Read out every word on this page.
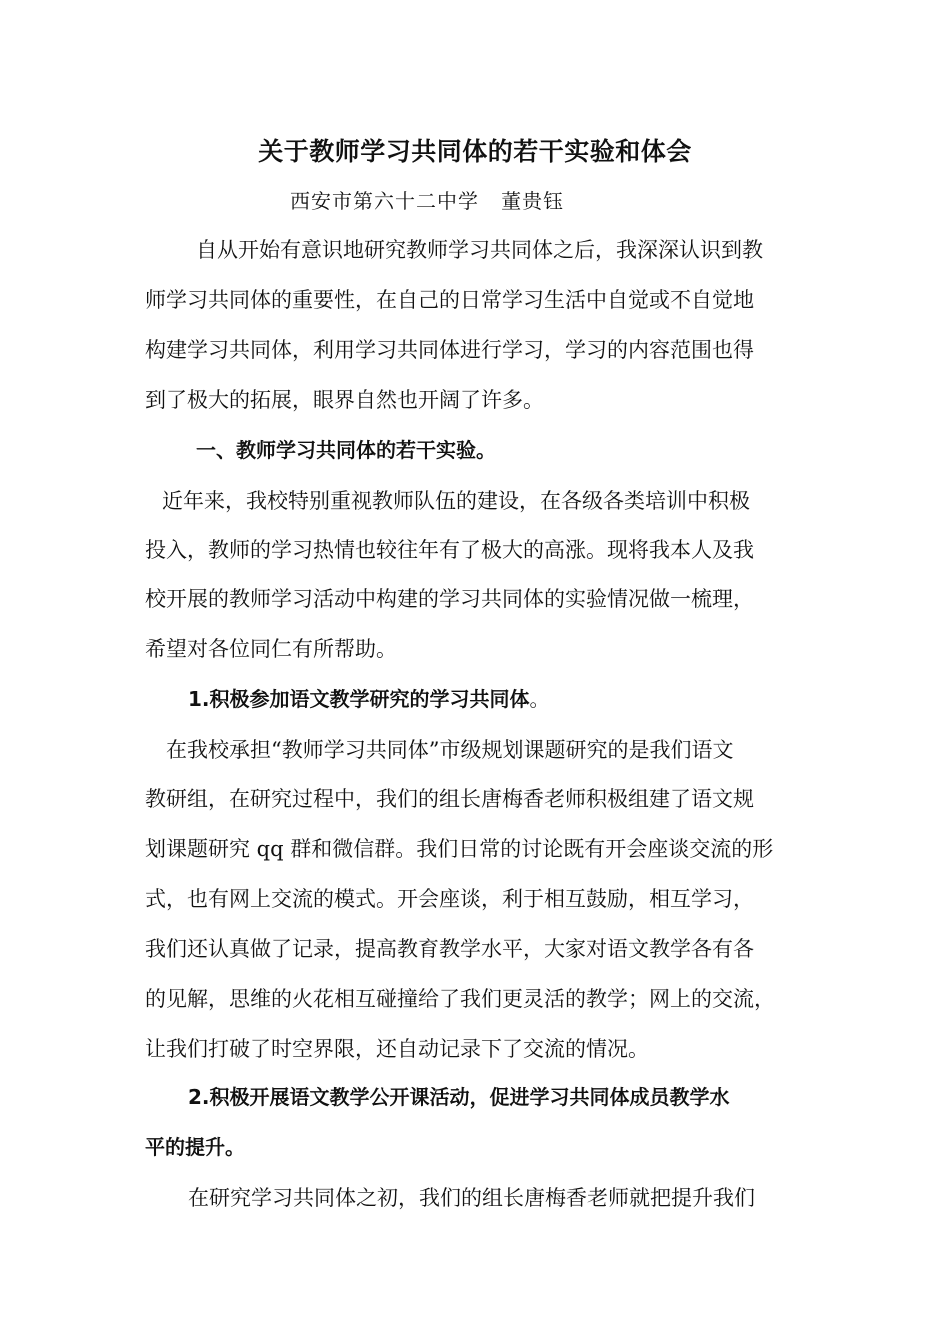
关于教师学习共同体的若干实验和体会
西安市第六十二中学   董贵钰
自从开始有意识地研究教师学习共同体之后，我深深认识到教
师学习共同体的重要性，在自己的日常学习生活中自觉或不自觉地
构建学习共同体，利用学习共同体进行学习，学习的内容范围也得
到了极大的拓展，眼界自然也开阔了许多。
一、教师学习共同体的若干实验。
近年来，我校特别重视教师队伍的建设，在各级各类培训中积极
投入，教师的学习热情也较往年有了极大的高涨。现将我本人及我
校开展的教师学习活动中构建的学习共同体的实验情况做一梳理，
希望对各位同仁有所帮助。
1.积极参加语文教学研究的学习共同体。
在我校承担“教师学习共同体”市级规划课题研究的是我们语文
教研组，在研究过程中，我们的组长唐梅香老师积极组建了语文规
划课题研究 qq 群和微信群。我们日常的讨论既有开会座谈交流的形
式，也有网上交流的模式。开会座谈，利于相互鼓励，相互学习，
我们还认真做了记录，提高教育教学水平，大家对语文教学各有各
的见解，思维的火花相互碰撞给了我们更灵活的教学；网上的交流，
让我们打破了时空界限，还自动记录下了交流的情况。
2.积极开展语文教学公开课活动，促进学习共同体成员教学水
平的提升。
在研究学习共同体之初，我们的组长唐梅香老师就把提升我们
